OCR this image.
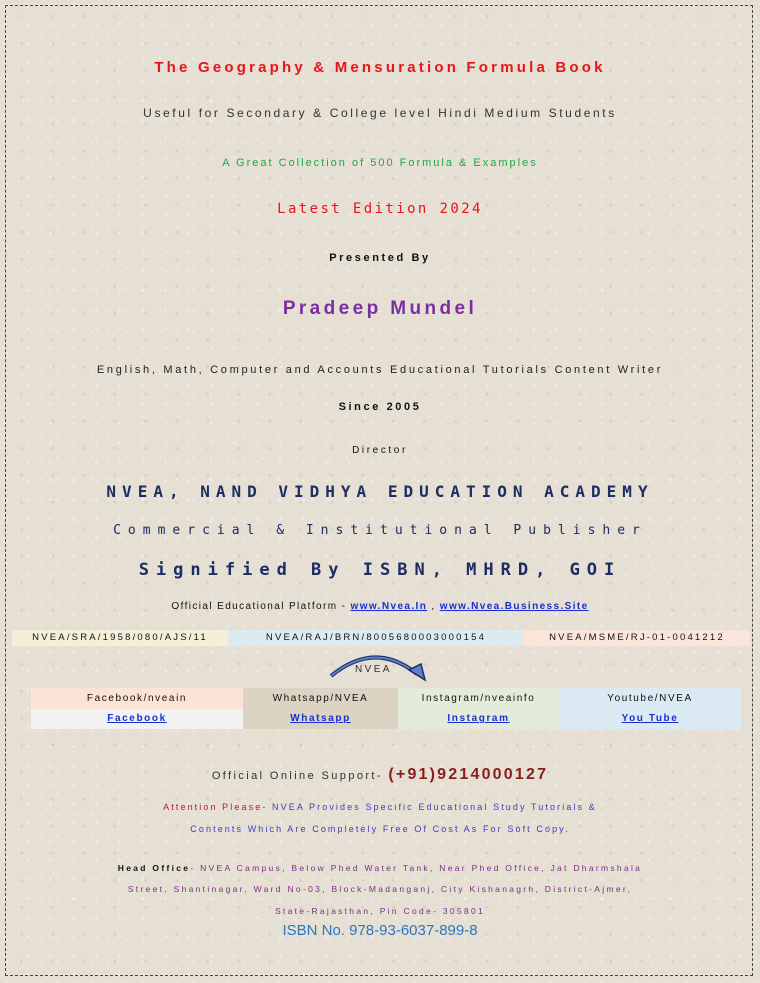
The Geography & Mensuration Formula Book
Useful for Secondary & College level Hindi Medium Students
A Great Collection of 500 Formula & Examples
Latest Edition 2024
Presented By
Pradeep Mundel
English, Math, Computer and Accounts Educational Tutorials Content Writer
Since 2005
Director
NVEA, NAND VIDHYA EDUCATION ACADEMY
Commercial & Institutional Publisher
Signified By ISBN, MHRD, GOI
Official Educational Platform - www.Nvea.In , www.Nvea.Business.Site
NVEA/SRA/1958/080/AJS/11	NVEA/RAJ/BRN/8005680003000154	NVEA/MSME/RJ-01-0041212
NVEA
Facebook/nveain
Facebook
Whatsapp/NVEA
Whatsapp
Instagram/nveainfo
Instagram
Youtube/NVEA
You Tube
Official Online Support- (+91)9214000127
Attention Please- NVEA Provides Specific Educational Study Tutorials &
Contents Which Are Completely Free Of Cost As For Soft Copy.
Head Office- NVEA Campus, Below Phed Water Tank, Near Phed Office, Jat Dharmshala
Street, Shantinagar, Ward No-03, Block-Madanganj, City Kishanagrh, District-Ajmer,
State-Rajasthan, Pin Code- 305801
ISBN No. 978-93-6037-899-8
